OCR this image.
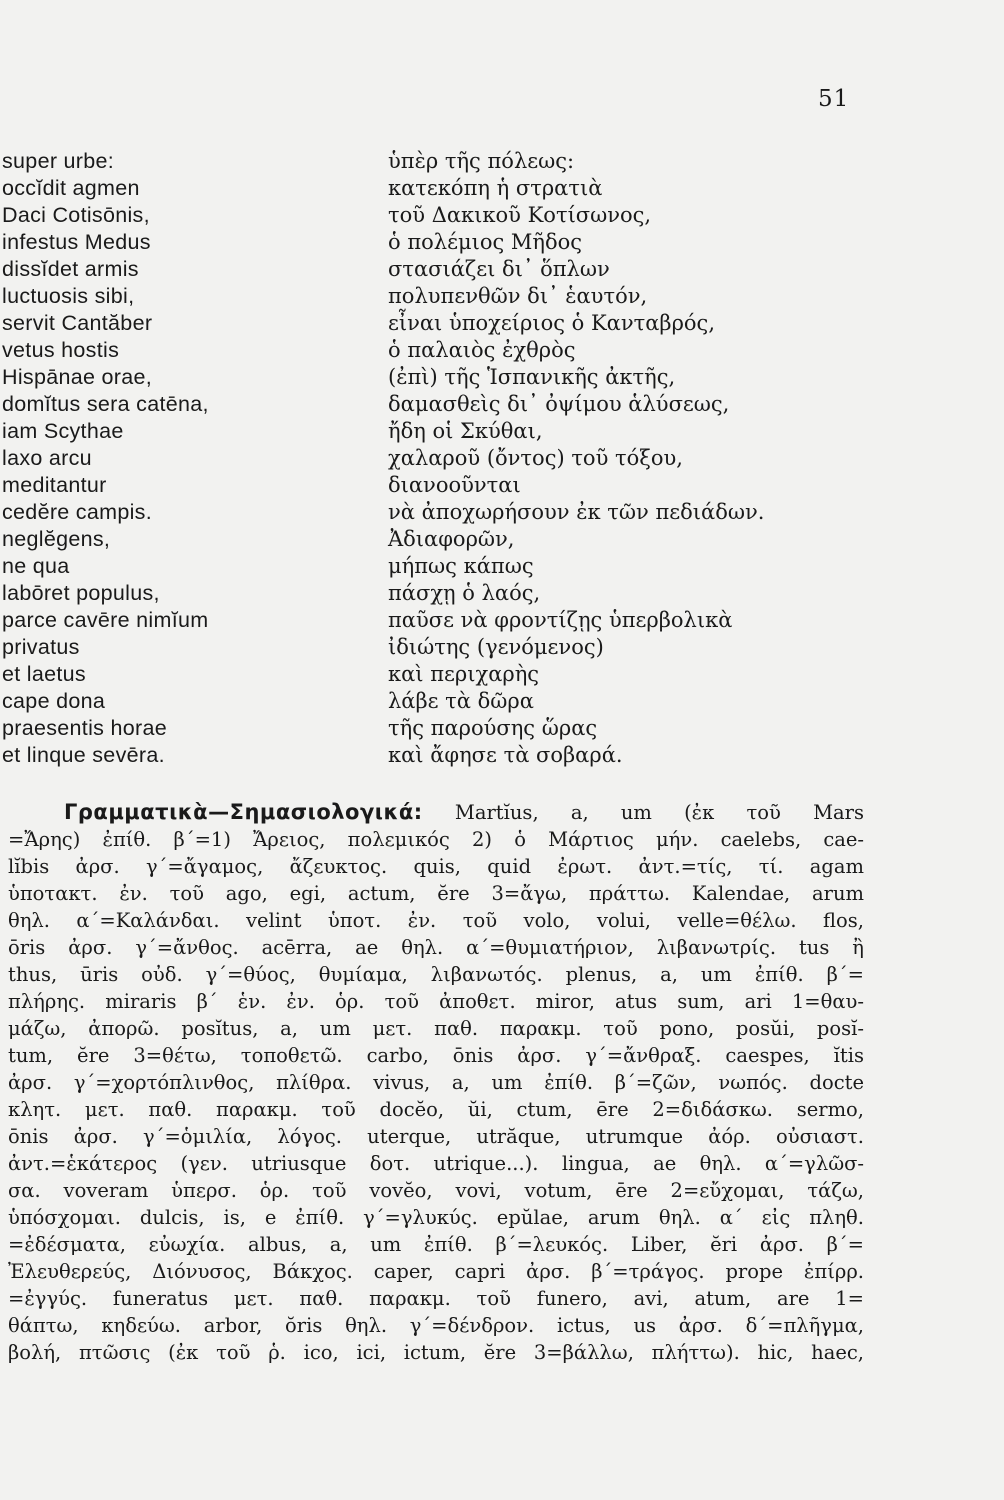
51
super urbe:
occĭdit agmen
Daci Cotisōnis,
infestus Medus
dissĭdet armis
luctuosis sibi,
servit Cantăber
vetus hostis
Hispānae orae,
domĭtus sera catēna,
iam Scythae
laxo arcu
meditantur
cedĕre campis.
neglĕgens,
ne qua
labōret populus,
parce cavēre nimĭum
privatus
et laetus
cape dona
praesentis horae
et linque sevēra.
ὑπὲρ τῆς πόλεως:
κατεκόπη ἡ στρατιὰ
τοῦ Δακικοῦ Κοτίσωνος,
ὁ πολέμιος Μῆδος
στασιάζει δι᾽ ὅπλων
πολυπενθῶν δι᾽ ἑαυτόν,
εἶναι ὑποχείριος ὁ Κανταβρός,
ὁ παλαιὸς ἐχθρὸς
(ἐπὶ) τῆς Ἱσπανικῆς ἀκτῆς,
δαμασθεὶς δι᾽ ὀψίμου ἁλύσεως,
ἤδη οἱ Σκύθαι,
χαλαροῦ (ὄντος) τοῦ τόξου,
διανοοῦνται
νὰ ἀποχωρήσουν ἐκ τῶν πεδιάδων.
Ἀδιαφορῶν,
μήπως κάπως
πάσχῃ ὁ λαός,
παῦσε νὰ φροντίζῃς ὑπερβολικὰ
ἰδιώτης (γενόμενος)
καὶ περιχαρὴς
λάβε τὰ δῶρα
τῆς παρούσης ὥρας
καὶ ἄφησε τὰ σοβαρά.
Γραμματικὰ—Σημασιολογικά: Martĭus, a, um (ἐκ τοῦ Mars
=Ἄρης) ἐπίθ. β´=1) Ἄρειος, πολεμικός 2) ὁ Μάρτιος μήν. caelebs, cae-
lĭbis ἀρσ. γ´=ἄγαμος, ἄζευκτος. quis, quid ἐρωτ. ἀντ.=τίς, τί. agam
ὑποτακτ. ἐν. τοῦ ago, egi, actum, ĕre 3=ἄγω, πράττω. Kalendae, arum
θηλ. α´=Καλάνδαι. velint ὑποτ. ἐν. τοῦ volo, volui, velle=θέλω. flos,
ōris ἀρσ. γ´=ἄνθος. acērra, ae θηλ. α´=θυμιατήριον, λιβανωτρίς. tus ἢ
thus, ūris οὐδ. γ´=θύος, θυμίαμα, λιβανωτός. plenus, a, um ἐπίθ. β´=
πλήρης. miraris β´ ἑν. ἐν. ὁρ. τοῦ ἀποθετ. miror, atus sum, ari 1=θαυ-
μάζω, ἀπορῶ. posĭtus, a, um μετ. παθ. παρακμ. τοῦ pono, posŭi, posĭ-
tum, ĕre 3=θέτω, τοποθετῶ. carbo, ōnis ἀρσ. γ´=ἄνθραξ. caespes, ĭtis
ἀρσ. γ´=χορτόπλινθος, πλίθρα. vivus, a, um ἐπίθ. β´=ζῶν, νωπός. docte
κλητ. μετ. παθ. παρακμ. τοῦ docĕo, ŭi, ctum, ēre 2=διδάσκω. sermo,
ōnis ἀρσ. γ´=ὁμιλία, λόγος. uterque, utrăque, utrumque ἀόρ. οὐσιαστ.
ἀντ.=ἑκάτερος (γεν. utriusque δοτ. utrique...). lingua, ae θηλ. α´=γλῶσ-
σα. voveram ὑπερσ. ὁρ. τοῦ vovĕo, vovi, votum, ēre 2=εὔχομαι, τάζω,
ὑπόσχομαι. dulcis, is, e ἐπίθ. γ´=γλυκύς. epŭlae, arum θηλ. α´ εἰς πληθ.
=ἐδέσματα, εὐωχία. albus, a, um ἐπίθ. β´=λευκός. Liber, ĕri ἀρσ. β´=
Ἐλευθερεύς, Διόνυσος, Βάκχος. caper, capri ἀρσ. β´=τράγος. prope ἐπίρρ.
=ἐγγύς. funeratus μετ. παθ. παρακμ. τοῦ funero, avi, atum, are 1=
θάπτω, κηδεύω. arbor, ŏris θηλ. γ´=δένδρον. ictus, us ἀρσ. δ´=πλῆγμα,
βολή, πτῶσις (ἐκ τοῦ ῥ. ico, ici, ictum, ĕre 3=βάλλω, πλήττω). hic, haec,
